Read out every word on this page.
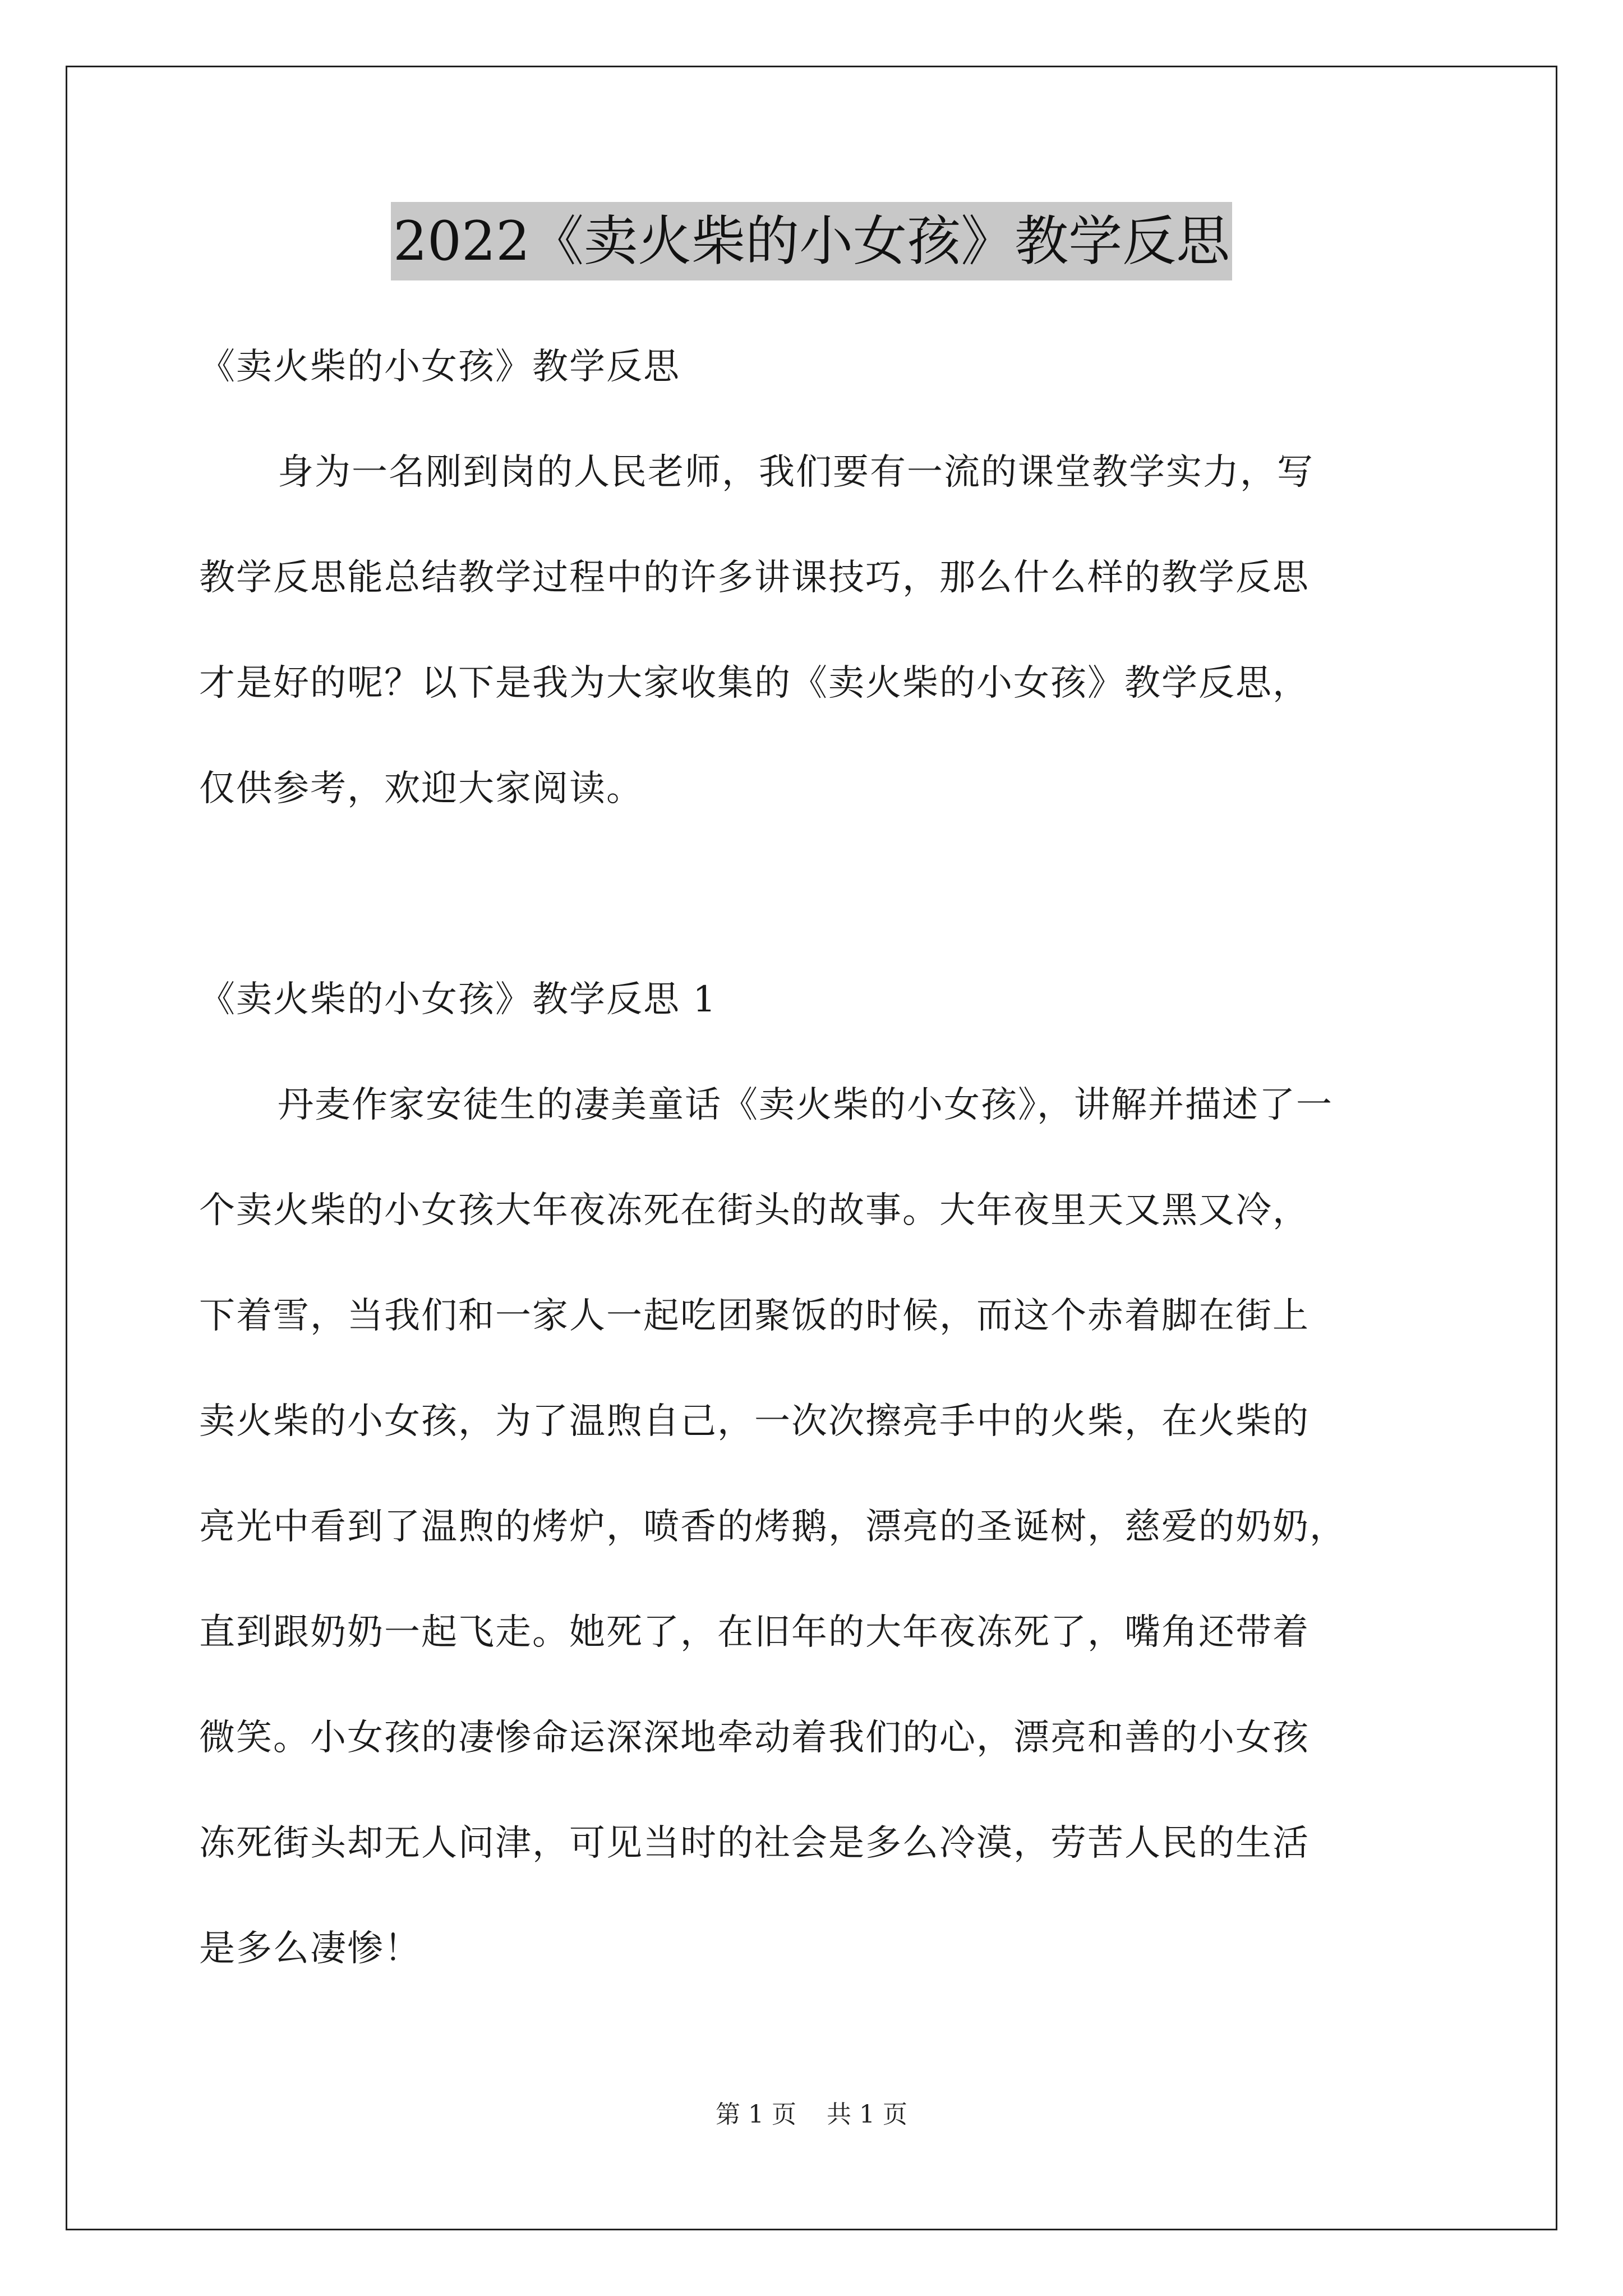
2022《卖火柴的小女孩》教学反思
《卖火柴的小女孩》教学反思
身为一名刚到岗的人民老师，我们要有一流的课堂教学实力，写
教学反思能总结教学过程中的许多讲课技巧，那么什么样的教学反思
才是好的呢？以下是我为大家收集的《卖火柴的小女孩》教学反思，
仅供参考，欢迎大家阅读。
《卖火柴的小女孩》教学反思 1
丹麦作家安徒生的凄美童话《卖火柴的小女孩》，讲解并描述了一
个卖火柴的小女孩大年夜冻死在街头的故事。大年夜里天又黑又冷，
下着雪，当我们和一家人一起吃团聚饭的时候，而这个赤着脚在街上
卖火柴的小女孩，为了温煦自己，一次次擦亮手中的火柴，在火柴的
亮光中看到了温煦的烤炉，喷香的烤鹅，漂亮的圣诞树，慈爱的奶奶，
直到跟奶奶一起飞走。她死了，在旧年的大年夜冻死了，嘴角还带着
微笑。小女孩的凄惨命运深深地牵动着我们的心，漂亮和善的小女孩
冻死街头却无人问津，可见当时的社会是多么冷漠，劳苦人民的生活
是多么凄惨！
第 1 页 共 1 页
